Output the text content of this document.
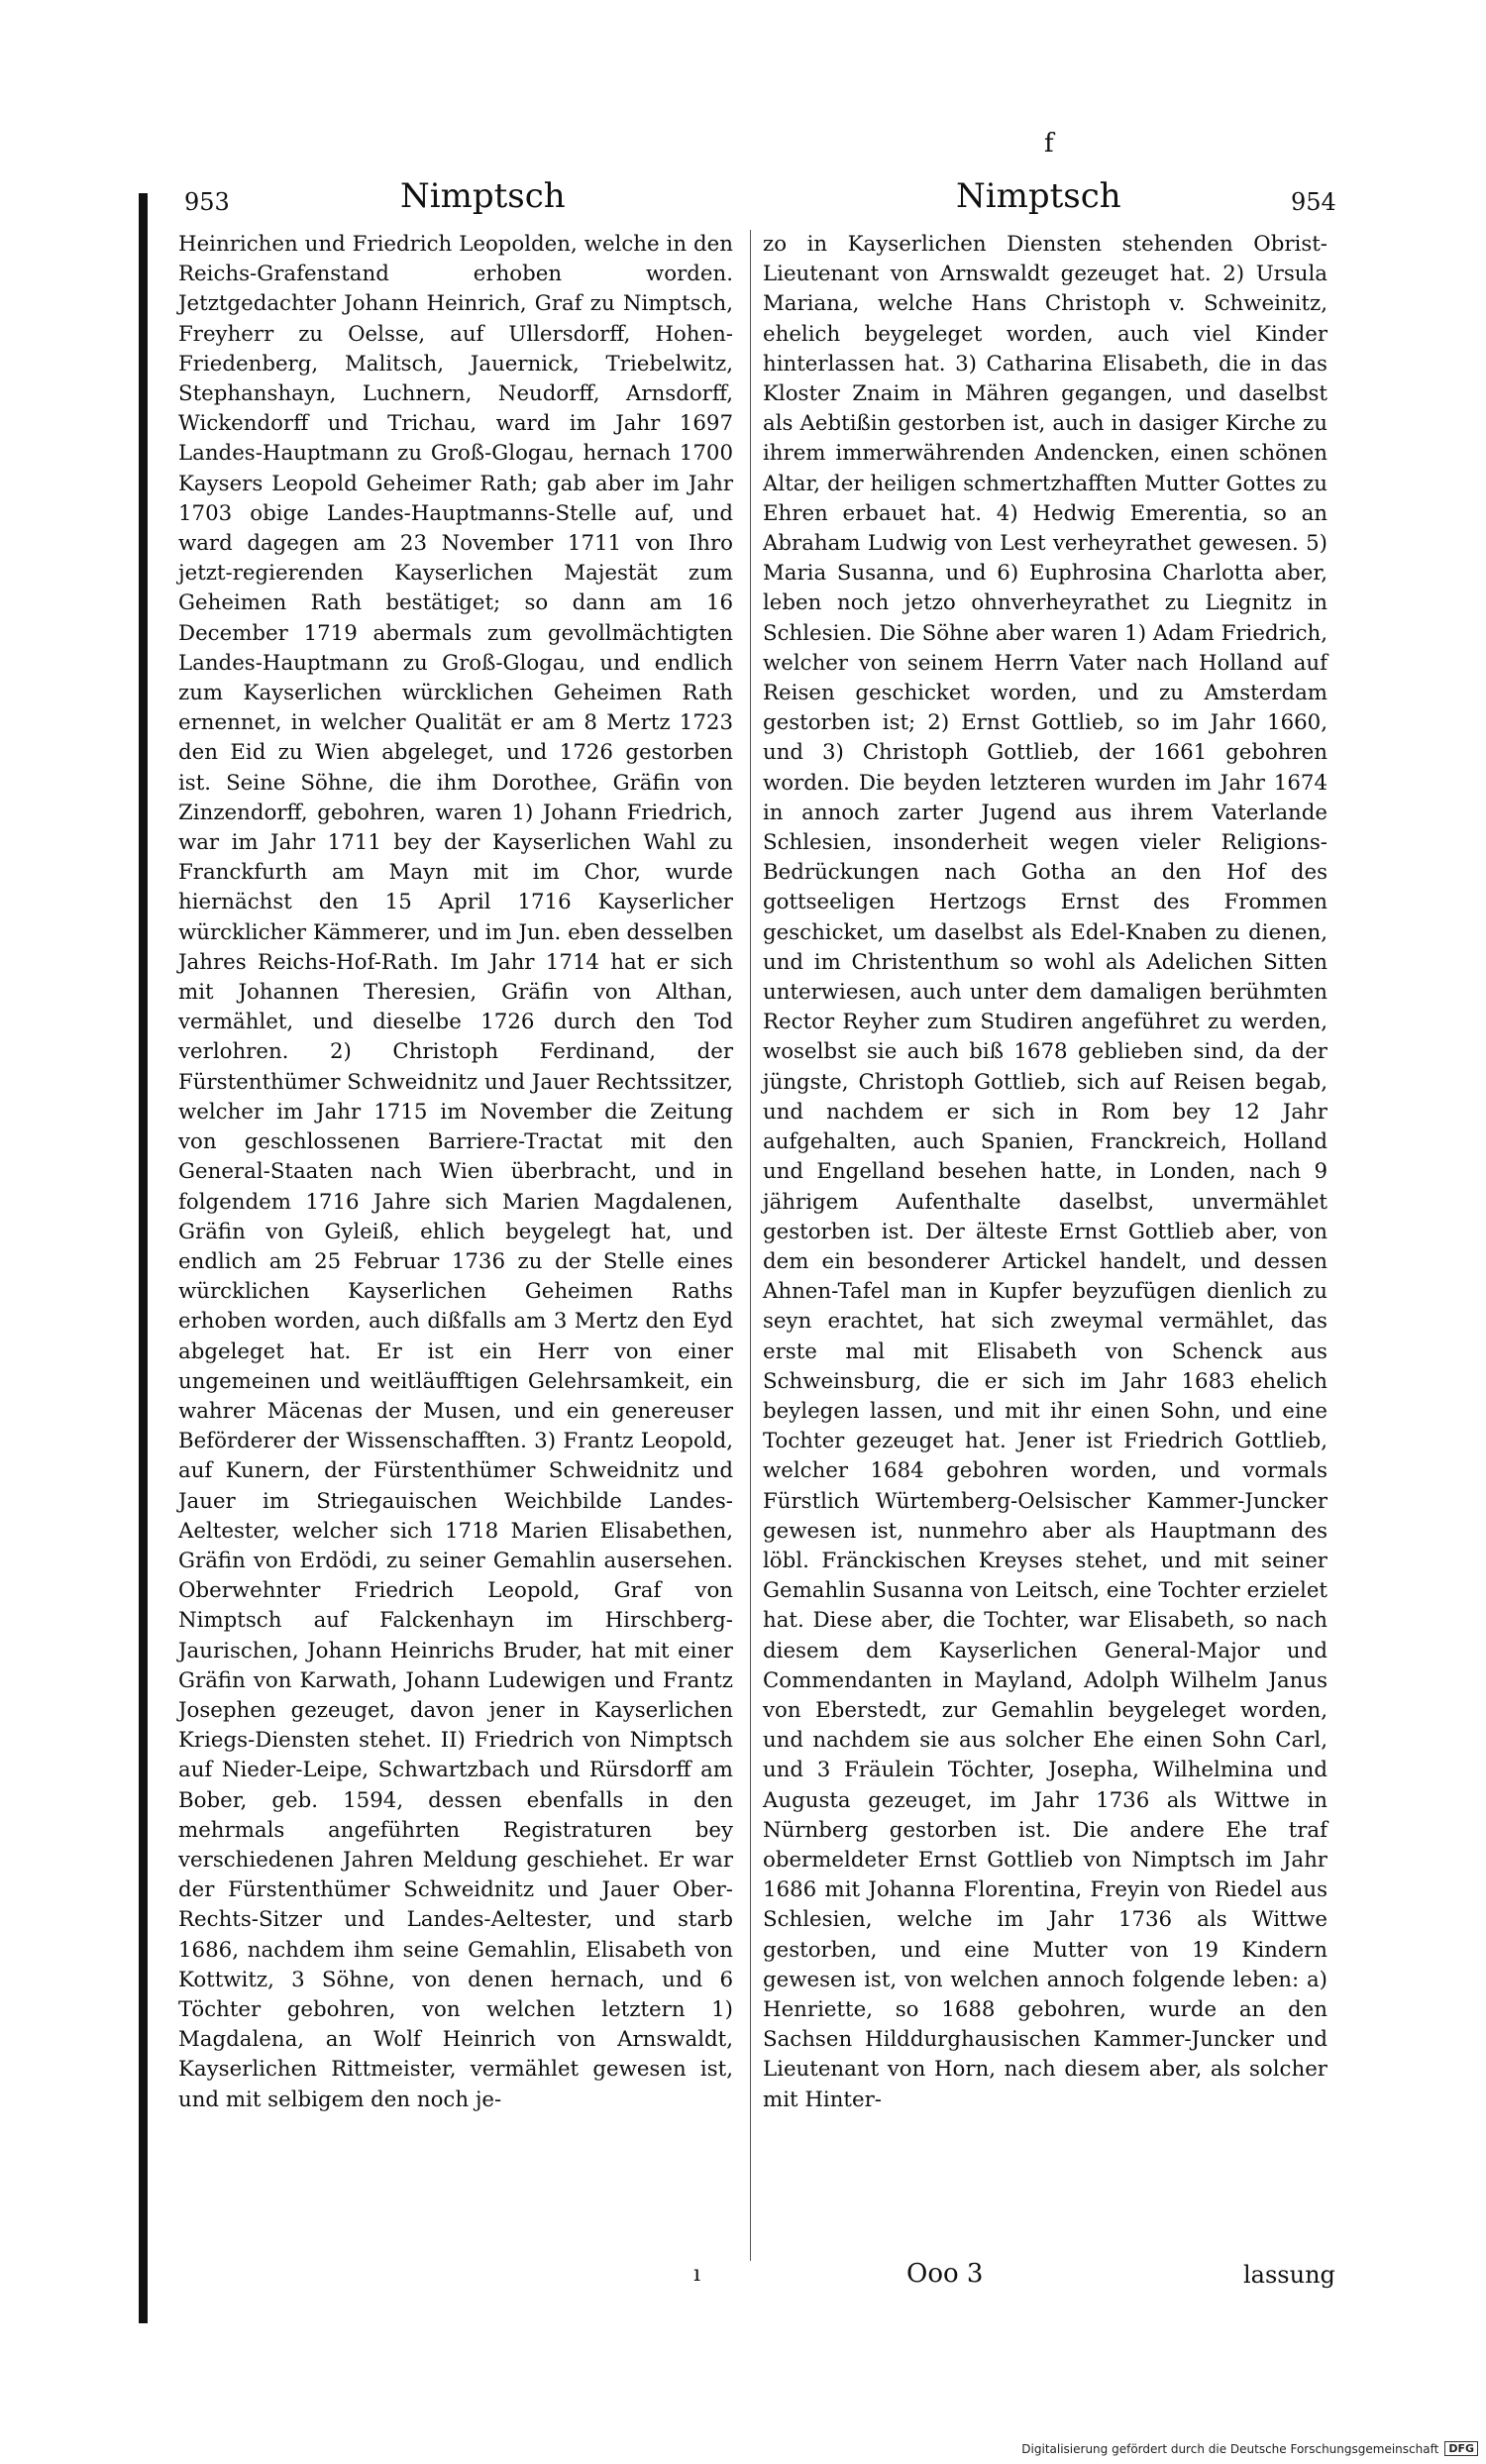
f
953	Nimptsch	Nimptsch	954

Heinrichen und Friedrich Leopolden, welche in den Reichs-Grafenstand erhoben worden. Jetztgedachter Johann Heinrich, Graf zu Nimptsch, Freyherr zu Oelsse, auf Ullersdorff, Hohen-Friedenberg, Malitsch, Jauernick, Triebelwitz, Stephanshayn, Luchnern, Neudorff, Arnsdorff, Wickendorff und Trichau, ward im Jahr 1697 Landes-Hauptmann zu Groß-Glogau, hernach 1700 Kaysers Leopold Geheimer Rath; gab aber im Jahr 1703 obige Landes-Hauptmanns-Stelle auf, und ward dagegen am 23 November 1711 von Ihro jetzt-regierenden Kayserlichen Majestät zum Geheimen Rath bestätiget; so dann am 16 December 1719 abermals zum gevollmächtigten Landes-Hauptmann zu Groß-Glogau, und endlich zum Kayserlichen würcklichen Geheimen Rath ernennet, in welcher Qualität er am 8 Mertz 1723 den Eid zu Wien abgeleget, und 1726 gestorben ist. Seine Söhne, die ihm Dorothee, Gräfin von Zinzendorff, gebohren, waren 1) Johann Friedrich, war im Jahr 1711 bey der Kayserlichen Wahl zu Franckfurth am Mayn mit im Chor, wurde hiernächst den 15 April 1716 Kayserlicher würcklicher Kämmerer, und im Jun. eben desselben Jahres Reichs-Hof-Rath. Im Jahr 1714 hat er sich mit Johannen Theresien, Gräfin von Althan, vermählet, und dieselbe 1726 durch den Tod verlohren. 2) Christoph Ferdinand, der Fürstenthümer Schweidnitz und Jauer Rechtssitzer, welcher im Jahr 1715 im November die Zeitung von geschlossenen Barriere-Tractat mit den General-Staaten nach Wien überbracht, und in folgendem 1716 Jahre sich Marien Magdalenen, Gräfin von Gyleiß, ehlich beygelegt hat, und endlich am 25 Februar 1736 zu der Stelle eines würcklichen Kayserlichen Geheimen Raths erhoben worden, auch dißfalls am 3 Mertz den Eyd abgeleget hat. Er ist ein Herr von einer ungemeinen und weitläufftigen Gelehrsamkeit, ein wahrer Mäcenas der Musen, und ein genereuser Beförderer der Wissenschafften. 3) Frantz Leopold, auf Kunern, der Fürstenthümer Schweidnitz und Jauer im Striegauischen Weichbilde Landes-Aeltester, welcher sich 1718 Marien Elisabethen, Gräfin von Erdödi, zu seiner Gemahlin ausersehen. Oberwehnter Friedrich Leopold, Graf von Nimptsch auf Falckenhayn im Hirschberg-Jaurischen, Johann Heinrichs Bruder, hat mit einer Gräfin von Karwath, Johann Ludewigen und Frantz Josephen gezeuget, davon jener in Kayserlichen Kriegs-Diensten stehet. II) Friedrich von Nimptsch auf Nieder-Leipe, Schwartzbach und Rürsdorff am Bober, geb. 1594, dessen ebenfalls in den mehrmals angeführten Registraturen bey verschiedenen Jahren Meldung geschiehet. Er war der Fürstenthümer Schweidnitz und Jauer Ober-Rechts-Sitzer und Landes-Aeltester, und starb 1686, nachdem ihm seine Gemahlin, Elisabeth von Kottwitz, 3 Söhne, von denen hernach, und 6 Töchter gebohren, von welchen letztern 1) Magdalena, an Wolf Heinrich von Arnswaldt, Kayserlichen Rittmeister, vermählet gewesen ist, und mit selbigem den noch je-

zo in Kayserlichen Diensten stehenden Obrist-Lieutenant von Arnswaldt gezeuget hat. 2) Ursula Mariana, welche Hans Christoph v. Schweinitz, ehelich beygeleget worden, auch viel Kinder hinterlassen hat. 3) Catharina Elisabeth, die in das Kloster Znaim in Mähren gegangen, und daselbst als Aebtißin gestorben ist, auch in dasiger Kirche zu ihrem immerwährenden Andencken, einen schönen Altar, der heiligen schmertzhafften Mutter Gottes zu Ehren erbauet hat. 4) Hedwig Emerentia, so an Abraham Ludwig von Lest verheyrathet gewesen. 5) Maria Susanna, und 6) Euphrosina Charlotta aber, leben noch jetzo ohnverheyrathet zu Liegnitz in Schlesien. Die Söhne aber waren 1) Adam Friedrich, welcher von seinem Herrn Vater nach Holland auf Reisen geschicket worden, und zu Amsterdam gestorben ist; 2) Ernst Gottlieb, so im Jahr 1660, und 3) Christoph Gottlieb, der 1661 gebohren worden. Die beyden letzteren wurden im Jahr 1674 in annoch zarter Jugend aus ihrem Vaterlande Schlesien, insonderheit wegen vieler Religions-Bedrückungen nach Gotha an den Hof des gottseeligen Hertzogs Ernst des Frommen geschicket, um daselbst als Edel-Knaben zu dienen, und im Christenthum so wohl als Adelichen Sitten unterwiesen, auch unter dem damaligen berühmten Rector Reyher zum Studiren angeführet zu werden, woselbst sie auch biß 1678 geblieben sind, da der jüngste, Christoph Gottlieb, sich auf Reisen begab, und nachdem er sich in Rom bey 12 Jahr aufgehalten, auch Spanien, Franckreich, Holland und Engelland besehen hatte, in Londen, nach 9 jährigem Aufenthalte daselbst, unvermählet gestorben ist. Der älteste Ernst Gottlieb aber, von dem ein besonderer Artickel handelt, und dessen Ahnen-Tafel man in Kupfer beyzufügen dienlich zu seyn erachtet, hat sich zweymal vermählet, das erste mal mit Elisabeth von Schenck aus Schweinsburg, die er sich im Jahr 1683 ehelich beylegen lassen, und mit ihr einen Sohn, und eine Tochter gezeuget hat. Jener ist Friedrich Gottlieb, welcher 1684 gebohren worden, und vormals Fürstlich Würtemberg-Oelsischer Kammer-Juncker gewesen ist, nunmehro aber als Hauptmann des löbl. Fränckischen Kreyses stehet, und mit seiner Gemahlin Susanna von Leitsch, eine Tochter erzielet hat. Diese aber, die Tochter, war Elisabeth, so nach diesem dem Kayserlichen General-Major und Commendanten in Mayland, Adolph Wilhelm Janus von Eberstedt, zur Gemahlin beygeleget worden, und nachdem sie aus solcher Ehe einen Sohn Carl, und 3 Fräulein Töchter, Josepha, Wilhelmina und Augusta gezeuget, im Jahr 1736 als Wittwe in Nürnberg gestorben ist. Die andere Ehe traf obermeldeter Ernst Gottlieb von Nimptsch im Jahr 1686 mit Johanna Florentina, Freyin von Riedel aus Schlesien, welche im Jahr 1736 als Wittwe gestorben, und eine Mutter von 19 Kindern gewesen ist, von welchen annoch folgende leben: a) Henriette, so 1688 gebohren, wurde an den Sachsen Hilddurghausischen Kammer-Juncker und Lieutenant von Horn, nach diesem aber, als solcher mit Hinter-

ı	Ooo 3	lassung
Digitalisierung gefördert durch die Deutsche Forschungsgemeinschaft DFG
